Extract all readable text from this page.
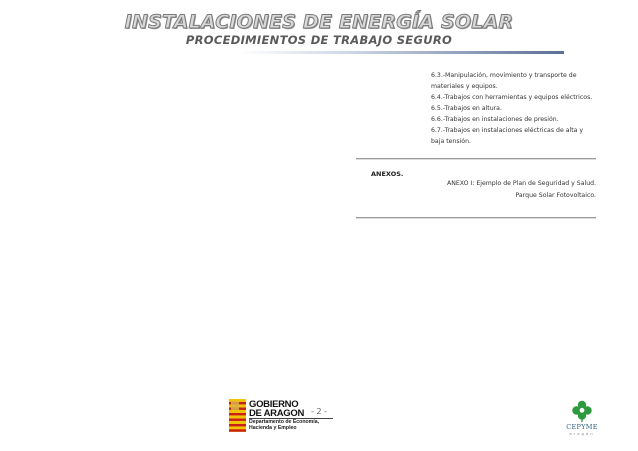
INSTALACIONES DE ENERGÍA SOLAR
PROCEDIMIENTOS DE TRABAJO SEGURO

6.3.-Manipulación, movimiento y transporte de

materiales y equipos.

6.4.-Trabajos con herramientas y equipos eléctricos.

6.5.-Trabajos en altura.

6.6.-Trabajos en instalaciones de presión.

6.7.-Trabajos en instalaciones eléctricas de alta y

baja tensión.

ANEXOS.
ANEXO I: Ejemplo de Plan de Seguridad y Salud.
Parque Solar Fotovoltaico.
GOBIERNO
DE ARAGON
Departamento de Economía,
Hacienda y Empleo
- 2 -
CEPYME
aragón
